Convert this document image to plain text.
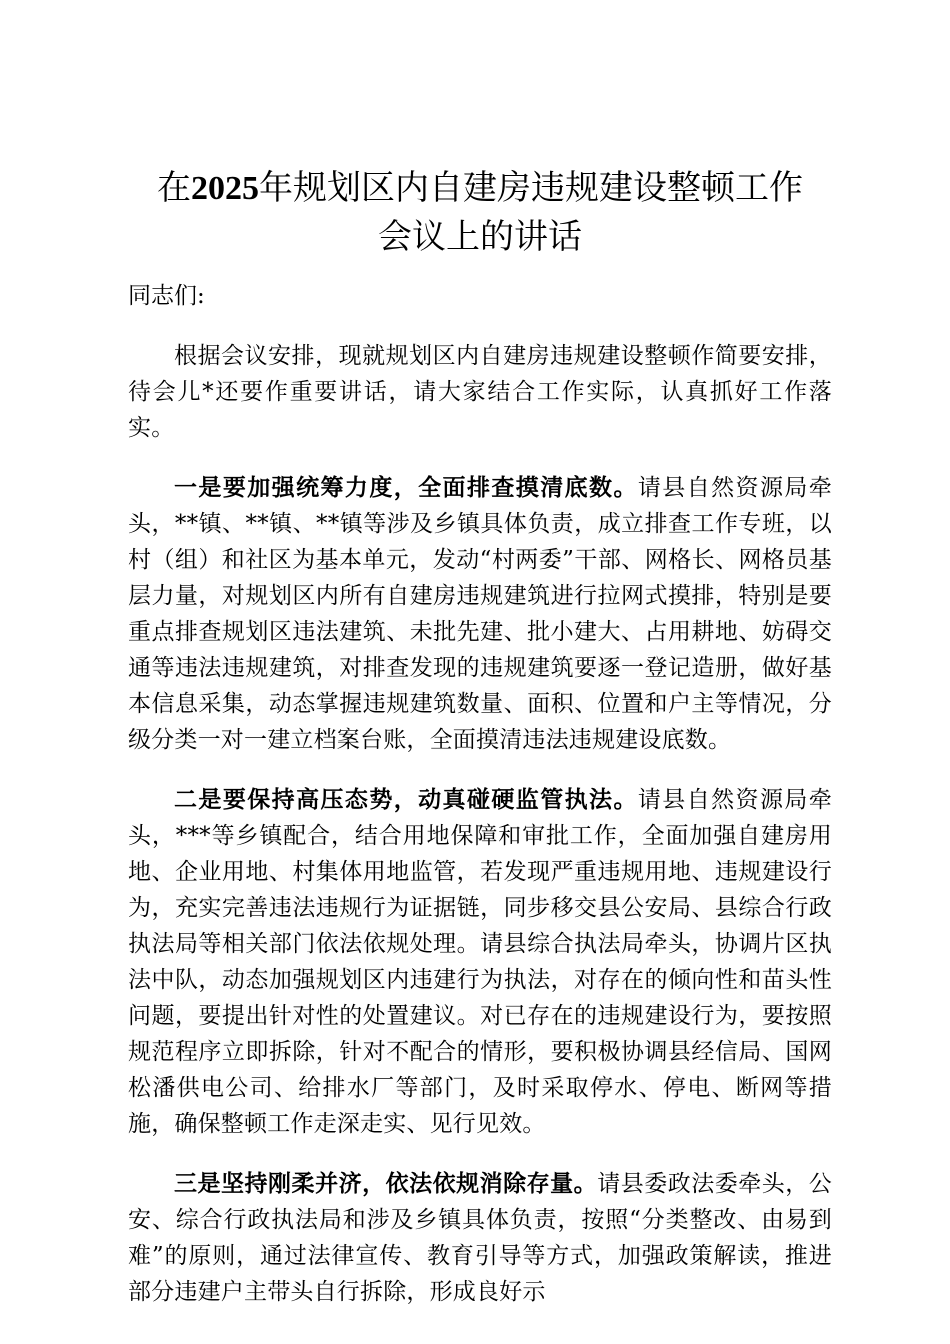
在2025年规划区内自建房违规建设整顿工作
会议上的讲话

同志们:

根据会议安排，现就规划区内自建房违规建设整顿作简要安排，待会儿*还要作重要讲话，请大家结合工作实际，认真抓好工作落实。

一是要加强统筹力度，全面排查摸清底数。请县自然资源局牵头，**镇、**镇、**镇等涉及乡镇具体负责，成立排查工作专班，以村（组）和社区为基本单元，发动“村两委”干部、网格长、网格员基层力量，对规划区内所有自建房违规建筑进行拉网式摸排，特别是要重点排查规划区违法建筑、未批先建、批小建大、占用耕地、妨碍交通等违法违规建筑，对排查发现的违规建筑要逐一登记造册，做好基本信息采集，动态掌握违规建筑数量、面积、位置和户主等情况，分级分类一对一建立档案台账，全面摸清违法违规建设底数。

二是要保持高压态势，动真碰硬监管执法。请县自然资源局牵头，***等乡镇配合，结合用地保障和审批工作，全面加强自建房用地、企业用地、村集体用地监管，若发现严重违规用地、违规建设行为，充实完善违法违规行为证据链，同步移交县公安局、县综合行政执法局等相关部门依法依规处理。请县综合执法局牵头，协调片区执法中队，动态加强规划区内违建行为执法，对存在的倾向性和苗头性问题，要提出针对性的处置建议。对已存在的违规建设行为，要按照规范程序立即拆除，针对不配合的情形，要积极协调县经信局、国网松潘供电公司、给排水厂等部门，及时采取停水、停电、断网等措施，确保整顿工作走深走实、见行见效。

三是坚持刚柔并济，依法依规消除存量。请县委政法委牵头，公安、综合行政执法局和涉及乡镇具体负责，按照“分类整改、由易到难”的原则，通过法律宣传、教育引导等方式，加强政策解读，推进部分违建户主带头自行拆除，形成良好示
